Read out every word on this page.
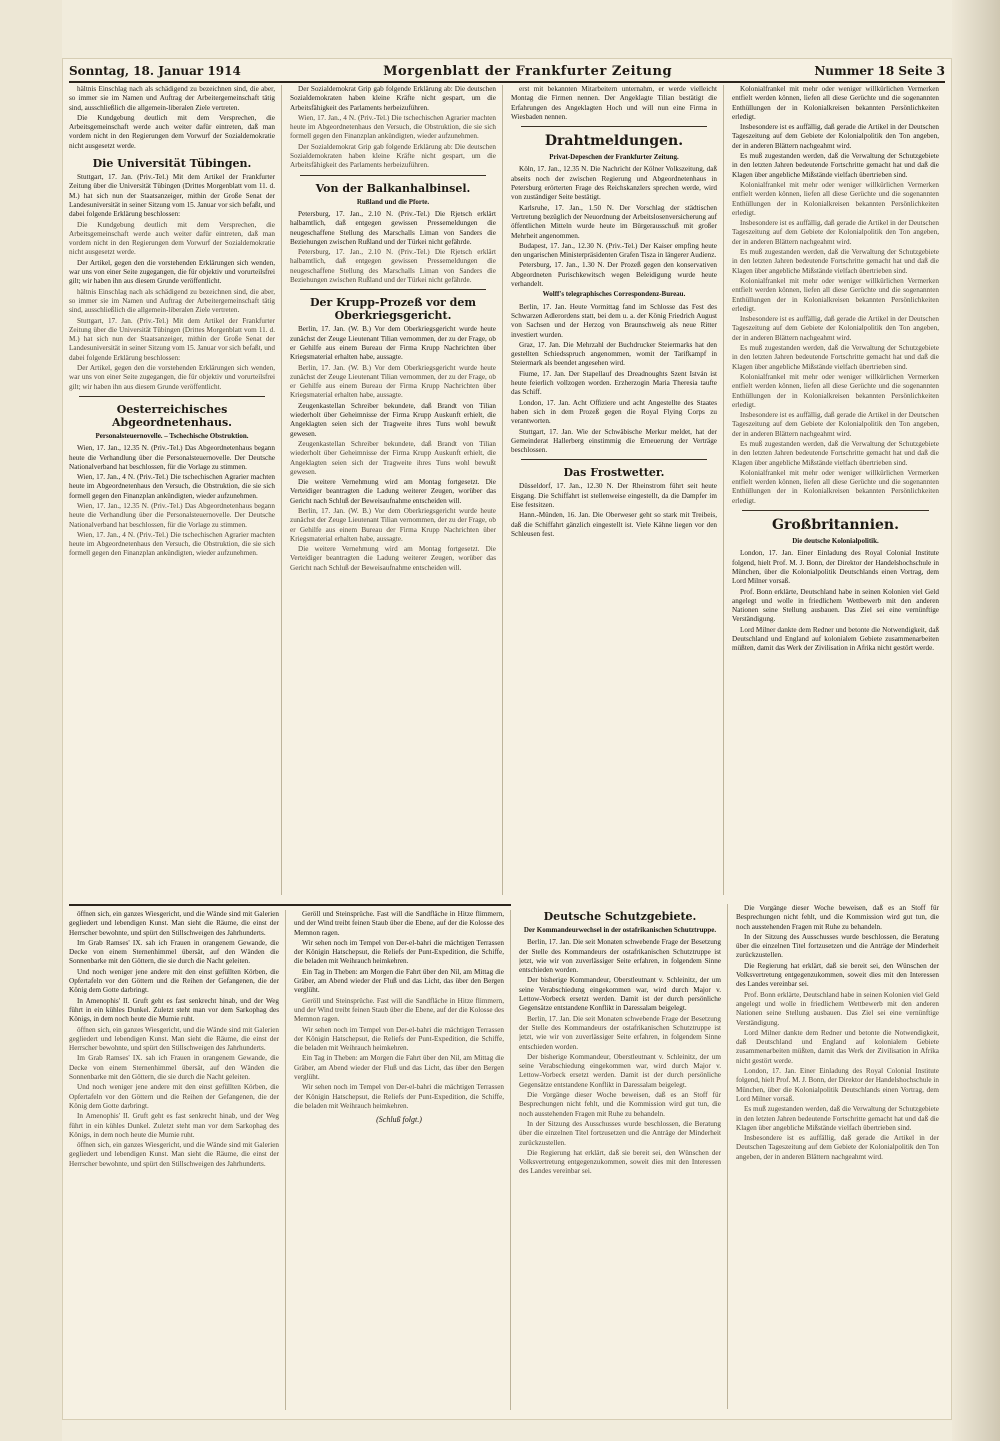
Sonntag, 18. Januar 1914	Morgenblatt der Frankfurter Zeitung	Nummer 18 Seite 3

hältnis Einschlag nach als schädigend zu bezeichnen sind, die aber, so immer sie im Namen und Auftrag der Arbeitergemeinschaft tätig sind, ausschließlich die allgemein-liberalen Ziele vertreten.

Die Kundgebung deutlich mit dem Versprechen, die Arbeitsgemeinschaft werde auch weiter dafür eintreten, daß man vordem nicht in den Regierungen dem Vorwurf der Sozialdemokratie nicht ausgesetzt werde.

Die Universität Tübingen.

Stuttgart, 17. Jan. (Priv.-Tel.) Mit dem Artikel der Frankfurter Zeitung über die Universität Tübingen (Drittes Morgenblatt vom 11. d. M.) hat sich nun der Staatsanzeiger, mithin der Große Senat der Landesuniversität in seiner Sitzung vom 15. Januar vor sich befaßt, und dabei folgende Erklärung beschlossen:

Die Kundgebung deutlich mit dem Versprechen, die Arbeitsgemeinschaft werde auch weiter dafür eintreten, daß man vordem nicht in den Regierungen dem Vorwurf der Sozialdemokratie nicht ausgesetzt werde.

Der Artikel, gegen den die vorstehenden Erklärungen sich wenden, war uns von einer Seite zugegangen, die für objektiv und vorurteilsfrei gilt; wir haben ihn aus diesem Grunde veröffentlicht.

hältnis Einschlag nach als schädigend zu bezeichnen sind, die aber, so immer sie im Namen und Auftrag der Arbeitergemeinschaft tätig sind, ausschließlich die allgemein-liberalen Ziele vertreten.

Stuttgart, 17. Jan. (Priv.-Tel.) Mit dem Artikel der Frankfurter Zeitung über die Universität Tübingen (Drittes Morgenblatt vom 11. d. M.) hat sich nun der Staatsanzeiger, mithin der Große Senat der Landesuniversität in seiner Sitzung vom 15. Januar vor sich befaßt, und dabei folgende Erklärung beschlossen:

Der Artikel, gegen den die vorstehenden Erklärungen sich wenden, war uns von einer Seite zugegangen, die für objektiv und vorurteilsfrei gilt; wir haben ihn aus diesem Grunde veröffentlicht.

Oesterreichisches Abgeordnetenhaus.
Personalsteuernovelle. – Tschechische Obstruktion.

Wien, 17. Jan., 12.35 N. (Priv.-Tel.) Das Abgeordnetenhaus begann heute die Verhandlung über die Personalsteuernovelle. Der Deutsche Nationalverband hat beschlossen, für die Vorlage zu stimmen.

Wien, 17. Jan., 4 N. (Priv.-Tel.) Die tschechischen Agrarier machten heute im Abgeordnetenhaus den Versuch, die Obstruktion, die sie sich formell gegen den Finanzplan ankündigten, wieder aufzunehmen.

Wien, 17. Jan., 12.35 N. (Priv.-Tel.) Das Abgeordnetenhaus begann heute die Verhandlung über die Personalsteuernovelle. Der Deutsche Nationalverband hat beschlossen, für die Vorlage zu stimmen.

Wien, 17. Jan., 4 N. (Priv.-Tel.) Die tschechischen Agrarier machten heute im Abgeordnetenhaus den Versuch, die Obstruktion, die sie sich formell gegen den Finanzplan ankündigten, wieder aufzunehmen.

Der Sozialdemokrat Grip gab folgende Erklärung ab: Die deutschen Sozialdemokraten haben kleine Kräfte nicht gespart, um die Arbeitsfähigkeit des Parlaments herbeizuführen.

Wien, 17. Jan., 4 N. (Priv.-Tel.) Die tschechischen Agrarier machten heute im Abgeordnetenhaus den Versuch, die Obstruktion, die sie sich formell gegen den Finanzplan ankündigten, wieder aufzunehmen.

Der Sozialdemokrat Grip gab folgende Erklärung ab: Die deutschen Sozialdemokraten haben kleine Kräfte nicht gespart, um die Arbeitsfähigkeit des Parlaments herbeizuführen.

Von der Balkanhalbinsel.
Rußland und die Pforte.

Petersburg, 17. Jan., 2.10 N. (Priv.-Tel.) Die Rjetsch erklärt halbamtlich, daß entgegen gewissen Pressemeldungen die neugeschaffene Stellung des Marschalls Liman von Sanders die Beziehungen zwischen Rußland und der Türkei nicht gefährde.

Petersburg, 17. Jan., 2.10 N. (Priv.-Tel.) Die Rjetsch erklärt halbamtlich, daß entgegen gewissen Pressemeldungen die neugeschaffene Stellung des Marschalls Liman von Sanders die Beziehungen zwischen Rußland und der Türkei nicht gefährde.

Der Krupp-Prozeß vor dem Oberkriegsgericht.

Berlin, 17. Jan. (W. B.) Vor dem Oberkriegsgericht wurde heute zunächst der Zeuge Lieutenant Tilian vernommen, der zu der Frage, ob er Gehilfe aus einem Bureau der Firma Krupp Nachrichten über Kriegsmaterial erhalten habe, aussagte.

Berlin, 17. Jan. (W. B.) Vor dem Oberkriegsgericht wurde heute zunächst der Zeuge Lieutenant Tilian vernommen, der zu der Frage, ob er Gehilfe aus einem Bureau der Firma Krupp Nachrichten über Kriegsmaterial erhalten habe, aussagte.

Zeugenkastellan Schreiber bekundete, daß Brandt von Tilian wiederholt über Geheimnisse der Firma Krupp Auskunft erhielt, die Angeklagten seien sich der Tragweite ihres Tuns wohl bewußt gewesen.

Zeugenkastellan Schreiber bekundete, daß Brandt von Tilian wiederholt über Geheimnisse der Firma Krupp Auskunft erhielt, die Angeklagten seien sich der Tragweite ihres Tuns wohl bewußt gewesen.

Die weitere Vernehmung wird am Montag fortgesetzt. Die Verteidiger beantragten die Ladung weiterer Zeugen, worüber das Gericht nach Schluß der Beweisaufnahme entscheiden will.

Berlin, 17. Jan. (W. B.) Vor dem Oberkriegsgericht wurde heute zunächst der Zeuge Lieutenant Tilian vernommen, der zu der Frage, ob er Gehilfe aus einem Bureau der Firma Krupp Nachrichten über Kriegsmaterial erhalten habe, aussagte.

Die weitere Vernehmung wird am Montag fortgesetzt. Die Verteidiger beantragten die Ladung weiterer Zeugen, worüber das Gericht nach Schluß der Beweisaufnahme entscheiden will.

erst mit bekannten Mitarbeitern unternahm, er werde vielleicht Montag die Firmen nennen. Der Angeklagte Tilian bestätigt die Erfahrungen des Angeklagten Hoch und will nun eine Firma in Wiesbaden nennen.

Drahtmeldungen.
Privat-Depeschen der Frankfurter Zeitung.

Köln, 17. Jan., 12.35 N. Die Nachricht der Kölner Volkszeitung, daß abseits noch der zwischen Regierung und Abgeordnetenhaus in Petersburg erörterten Frage des Reichskanzlers sprechen werde, wird von zuständiger Seite bestätigt.

Karlsruhe, 17. Jan., 1.50 N. Der Vorschlag der städtischen Vertretung bezüglich der Neuordnung der Arbeitslosenversicherung auf öffentlichen Mitteln wurde heute im Bürgerausschuß mit großer Mehrheit angenommen.

Budapest, 17. Jan., 12.30 N. (Priv.-Tel.) Der Kaiser empfing heute den ungarischen Ministerpräsidenten Grafen Tisza in längerer Audienz.

Petersburg, 17. Jan., 1.30 N. Der Prozeß gegen den konservativen Abgeordneten Purischkewitsch wegen Beleidigung wurde heute verhandelt.

Wolff's telegraphisches Correspondenz-Bureau.

Berlin, 17. Jan. Heute Vormittag fand im Schlosse das Fest des Schwarzen Adlerordens statt, bei dem u. a. der König Friedrich August von Sachsen und der Herzog von Braunschweig als neue Ritter investiert wurden.

Graz, 17. Jan. Die Mehrzahl der Buchdrucker Steiermarks hat den gestellten Schiedsspruch angenommen, womit der Tarifkampf in Steiermark als beendet angesehen wird.

Fiume, 17. Jan. Der Stapellauf des Dreadnoughts Szent István ist heute feierlich vollzogen worden. Erzherzogin Maria Theresia taufte das Schiff.

London, 17. Jan. Acht Offiziere und acht Angestellte des Staates haben sich in dem Prozeß gegen die Royal Flying Corps zu verantworten.

Stuttgart, 17. Jan. Wie der Schwäbische Merkur meldet, hat der Gemeinderat Hallerberg einstimmig die Erneuerung der Verträge beschlossen.

Das Frostwetter.

Düsseldorf, 17. Jan., 12.30 N. Der Rheinstrom führt seit heute Eisgang. Die Schiffahrt ist stellenweise eingestellt, da die Dampfer im Eise festsitzen.

Hann.-Münden, 16. Jan. Die Oberweser geht so stark mit Treibeis, daß die Schiffahrt gänzlich eingestellt ist. Viele Kähne liegen vor den Schleusen fest.

Kolonialfrankel mit mehr oder weniger willkürlichen Vermerken entfielt werden können, liefen all diese Gerüchte und die sogenannten Enthüllungen der in Kolonialkreisen bekannten Persönlichkeiten erledigt.

Insbesondere ist es auffällig, daß gerade die Artikel in der Deutschen Tageszeitung auf dem Gebiete der Kolonialpolitik den Ton angeben, der in anderen Blättern nachgeahmt wird.

Es muß zugestanden werden, daß die Verwaltung der Schutzgebiete in den letzten Jahren bedeutende Fortschritte gemacht hat und daß die Klagen über angebliche Mißstände vielfach übertrieben sind.

Kolonialfrankel mit mehr oder weniger willkürlichen Vermerken entfielt werden können, liefen all diese Gerüchte und die sogenannten Enthüllungen der in Kolonialkreisen bekannten Persönlichkeiten erledigt.

Insbesondere ist es auffällig, daß gerade die Artikel in der Deutschen Tageszeitung auf dem Gebiete der Kolonialpolitik den Ton angeben, der in anderen Blättern nachgeahmt wird.

Es muß zugestanden werden, daß die Verwaltung der Schutzgebiete in den letzten Jahren bedeutende Fortschritte gemacht hat und daß die Klagen über angebliche Mißstände vielfach übertrieben sind.

Kolonialfrankel mit mehr oder weniger willkürlichen Vermerken entfielt werden können, liefen all diese Gerüchte und die sogenannten Enthüllungen der in Kolonialkreisen bekannten Persönlichkeiten erledigt.

Insbesondere ist es auffällig, daß gerade die Artikel in der Deutschen Tageszeitung auf dem Gebiete der Kolonialpolitik den Ton angeben, der in anderen Blättern nachgeahmt wird.

Es muß zugestanden werden, daß die Verwaltung der Schutzgebiete in den letzten Jahren bedeutende Fortschritte gemacht hat und daß die Klagen über angebliche Mißstände vielfach übertrieben sind.

Kolonialfrankel mit mehr oder weniger willkürlichen Vermerken entfielt werden können, liefen all diese Gerüchte und die sogenannten Enthüllungen der in Kolonialkreisen bekannten Persönlichkeiten erledigt.

Insbesondere ist es auffällig, daß gerade die Artikel in der Deutschen Tageszeitung auf dem Gebiete der Kolonialpolitik den Ton angeben, der in anderen Blättern nachgeahmt wird.

Es muß zugestanden werden, daß die Verwaltung der Schutzgebiete in den letzten Jahren bedeutende Fortschritte gemacht hat und daß die Klagen über angebliche Mißstände vielfach übertrieben sind.

Kolonialfrankel mit mehr oder weniger willkürlichen Vermerken entfielt werden können, liefen all diese Gerüchte und die sogenannten Enthüllungen der in Kolonialkreisen bekannten Persönlichkeiten erledigt.

Großbritannien.
Die deutsche Kolonialpolitik.

London, 17. Jan. Einer Einladung des Royal Colonial Institute folgend, hielt Prof. M. J. Bonn, der Direktor der Handelshochschule in München, über die Kolonialpolitik Deutschlands einen Vortrag, dem Lord Milner vorsaß.

Prof. Bonn erklärte, Deutschland habe in seinen Kolonien viel Geld angelegt und wolle in friedlichem Wettbewerb mit den anderen Nationen seine Stellung ausbauen. Das Ziel sei eine vernünftige Verständigung.

Lord Milner dankte dem Redner und betonte die Notwendigkeit, daß Deutschland und England auf kolonialem Gebiete zusammenarbeiten müßten, damit das Werk der Zivilisation in Afrika nicht gestört werde.

öffnen sich, ein ganzes Wiesgericht, und die Wände sind mit Galerien gegliedert und lebendigen Kunst. Man sieht die Räume, die einst der Herrscher bewohnte, und spürt den Stillschweigen des Jahrhunderts.

Im Grab Ramses' IX. sah ich Frauen in orangenem Gewande, die Decke von einem Sternenhimmel übersät, auf den Wänden die Sonnenbarke mit den Göttern, die sie durch die Nacht geleiten.

Und noch weniger jene andere mit den einst gefüllten Körben, die Opfertafeln vor den Göttern und die Reihen der Gefangenen, die der König dem Gotte darbringt.

In Amenophis' II. Gruft geht es fast senkrecht hinab, und der Weg führt in ein kühles Dunkel. Zuletzt steht man vor dem Sarkophag des Königs, in dem noch heute die Mumie ruht.

öffnen sich, ein ganzes Wiesgericht, und die Wände sind mit Galerien gegliedert und lebendigen Kunst. Man sieht die Räume, die einst der Herrscher bewohnte, und spürt den Stillschweigen des Jahrhunderts.

Im Grab Ramses' IX. sah ich Frauen in orangenem Gewande, die Decke von einem Sternenhimmel übersät, auf den Wänden die Sonnenbarke mit den Göttern, die sie durch die Nacht geleiten.

Und noch weniger jene andere mit den einst gefüllten Körben, die Opfertafeln vor den Göttern und die Reihen der Gefangenen, die der König dem Gotte darbringt.

In Amenophis' II. Gruft geht es fast senkrecht hinab, und der Weg führt in ein kühles Dunkel. Zuletzt steht man vor dem Sarkophag des Königs, in dem noch heute die Mumie ruht.

öffnen sich, ein ganzes Wiesgericht, und die Wände sind mit Galerien gegliedert und lebendigen Kunst. Man sieht die Räume, die einst der Herrscher bewohnte, und spürt den Stillschweigen des Jahrhunderts.

Geröll und Steinsprüche. Fast will die Sandfläche in Hitze flimmern, und der Wind treibt feinen Staub über die Ebene, auf der die Kolosse des Memnon ragen.

Wir sehen noch im Tempel von Der-el-bahri die mächtigen Terrassen der Königin Hatschepsut, die Reliefs der Punt-Expedition, die Schiffe, die beladen mit Weihrauch heimkehren.

Ein Tag in Theben: am Morgen die Fahrt über den Nil, am Mittag die Gräber, am Abend wieder der Fluß und das Licht, das über den Bergen verglüht.

Geröll und Steinsprüche. Fast will die Sandfläche in Hitze flimmern, und der Wind treibt feinen Staub über die Ebene, auf der die Kolosse des Memnon ragen.

Wir sehen noch im Tempel von Der-el-bahri die mächtigen Terrassen der Königin Hatschepsut, die Reliefs der Punt-Expedition, die Schiffe, die beladen mit Weihrauch heimkehren.

Ein Tag in Theben: am Morgen die Fahrt über den Nil, am Mittag die Gräber, am Abend wieder der Fluß und das Licht, das über den Bergen verglüht.

Wir sehen noch im Tempel von Der-el-bahri die mächtigen Terrassen der Königin Hatschepsut, die Reliefs der Punt-Expedition, die Schiffe, die beladen mit Weihrauch heimkehren.

(Schluß folgt.)
Deutsche Schutzgebiete.
Der Kommandeurwechsel in der ostafrikanischen Schutztruppe.

Berlin, 17. Jan. Die seit Monaten schwebende Frage der Besetzung der Stelle des Kommandeurs der ostafrikanischen Schutztruppe ist jetzt, wie wir von zuverlässiger Seite erfahren, in folgendem Sinne entschieden worden.

Der bisherige Kommandeur, Oberstleutnant v. Schleinitz, der um seine Verabschiedung eingekommen war, wird durch Major v. Lettow-Vorbeck ersetzt werden. Damit ist der durch persönliche Gegensätze entstandene Konflikt in Daressalam beigelegt.

Berlin, 17. Jan. Die seit Monaten schwebende Frage der Besetzung der Stelle des Kommandeurs der ostafrikanischen Schutztruppe ist jetzt, wie wir von zuverlässiger Seite erfahren, in folgendem Sinne entschieden worden.

Der bisherige Kommandeur, Oberstleutnant v. Schleinitz, der um seine Verabschiedung eingekommen war, wird durch Major v. Lettow-Vorbeck ersetzt werden. Damit ist der durch persönliche Gegensätze entstandene Konflikt in Daressalam beigelegt.

Die Vorgänge dieser Woche beweisen, daß es an Stoff für Besprechungen nicht fehlt, und die Kommission wird gut tun, die noch ausstehenden Fragen mit Ruhe zu behandeln.

In der Sitzung des Ausschusses wurde beschlossen, die Beratung über die einzelnen Titel fortzusetzen und die Anträge der Minderheit zurückzustellen.

Die Regierung hat erklärt, daß sie bereit sei, den Wünschen der Volksvertretung entgegenzukommen, soweit dies mit den Interessen des Landes vereinbar sei.

Die Vorgänge dieser Woche beweisen, daß es an Stoff für Besprechungen nicht fehlt, und die Kommission wird gut tun, die noch ausstehenden Fragen mit Ruhe zu behandeln.

In der Sitzung des Ausschusses wurde beschlossen, die Beratung über die einzelnen Titel fortzusetzen und die Anträge der Minderheit zurückzustellen.

Die Regierung hat erklärt, daß sie bereit sei, den Wünschen der Volksvertretung entgegenzukommen, soweit dies mit den Interessen des Landes vereinbar sei.

Prof. Bonn erklärte, Deutschland habe in seinen Kolonien viel Geld angelegt und wolle in friedlichem Wettbewerb mit den anderen Nationen seine Stellung ausbauen. Das Ziel sei eine vernünftige Verständigung.

Lord Milner dankte dem Redner und betonte die Notwendigkeit, daß Deutschland und England auf kolonialem Gebiete zusammenarbeiten müßten, damit das Werk der Zivilisation in Afrika nicht gestört werde.

London, 17. Jan. Einer Einladung des Royal Colonial Institute folgend, hielt Prof. M. J. Bonn, der Direktor der Handelshochschule in München, über die Kolonialpolitik Deutschlands einen Vortrag, dem Lord Milner vorsaß.

Es muß zugestanden werden, daß die Verwaltung der Schutzgebiete in den letzten Jahren bedeutende Fortschritte gemacht hat und daß die Klagen über angebliche Mißstände vielfach übertrieben sind.

Insbesondere ist es auffällig, daß gerade die Artikel in der Deutschen Tageszeitung auf dem Gebiete der Kolonialpolitik den Ton angeben, der in anderen Blättern nachgeahmt wird.
